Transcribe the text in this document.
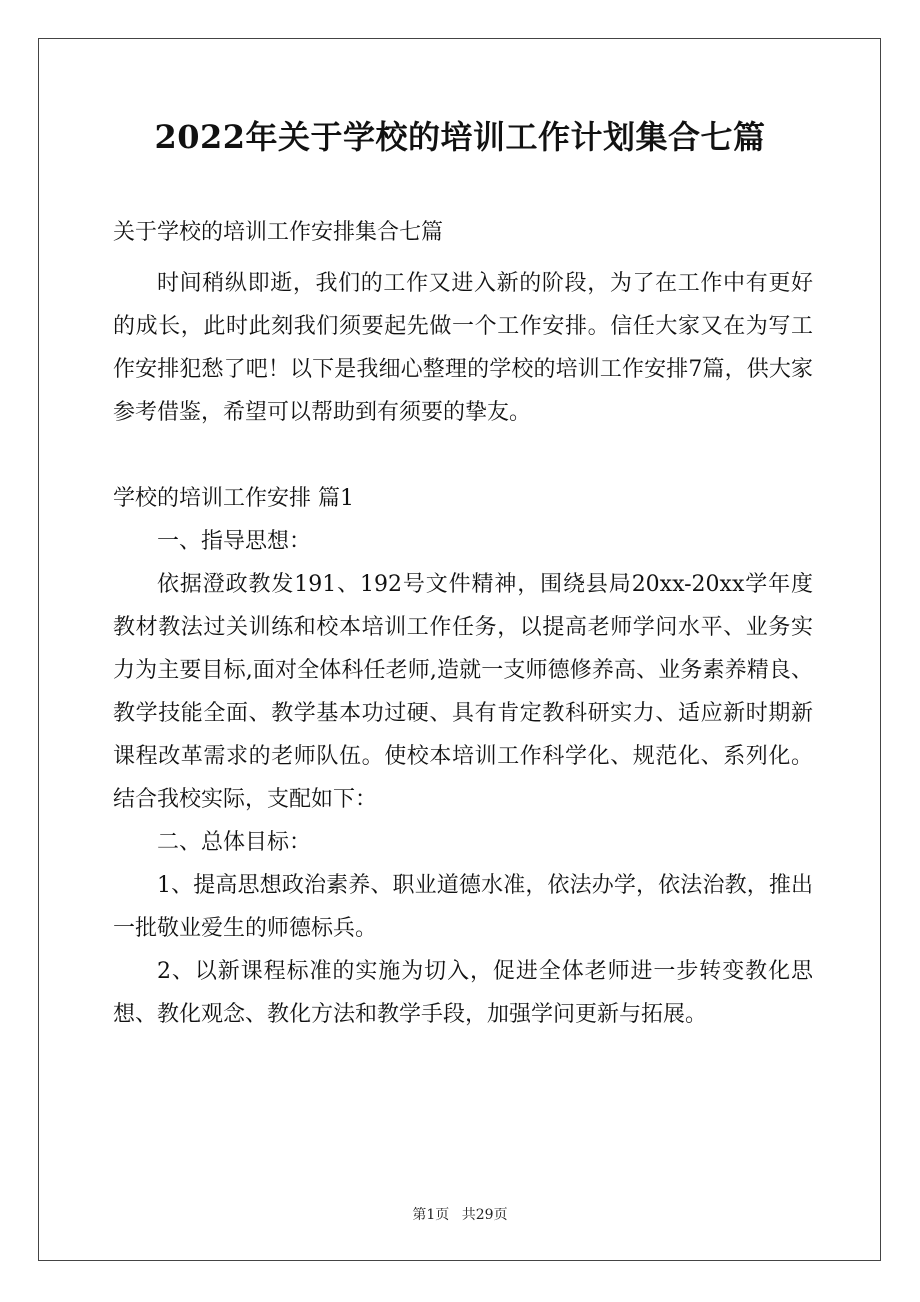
2022年关于学校的培训工作计划集合七篇
关于学校的培训工作安排集合七篇

时间稍纵即逝，我们的工作又进入新的阶段，为了在工作中有更好的成长，此时此刻我们须要起先做一个工作安排。信任大家又在为写工作安排犯愁了吧！以下是我细心整理的学校的培训工作安排7篇，供大家参考借鉴，希望可以帮助到有须要的挚友。

学校的培训工作安排 篇1

一、指导思想：

依据澄政教发191、192号文件精神，围绕县局20xx-20xx学年度教材教法过关训练和校本培训工作任务，以提高老师学问水平、业务实力为主要目标,面对全体科任老师,造就一支师德修养高、业务素养精良、教学技能全面、教学基本功过硬、具有肯定教科研实力、适应新时期新课程改革需求的老师队伍。使校本培训工作科学化、规范化、系列化。结合我校实际，支配如下：

二、总体目标：

1、提高思想政治素养、职业道德水准，依法办学，依法治教，推出一批敬业爱生的师德标兵。

2、以新课程标准的实施为切入，促进全体老师进一步转变教化思想、教化观念、教化方法和教学手段，加强学问更新与拓展。

第1页 共29页
